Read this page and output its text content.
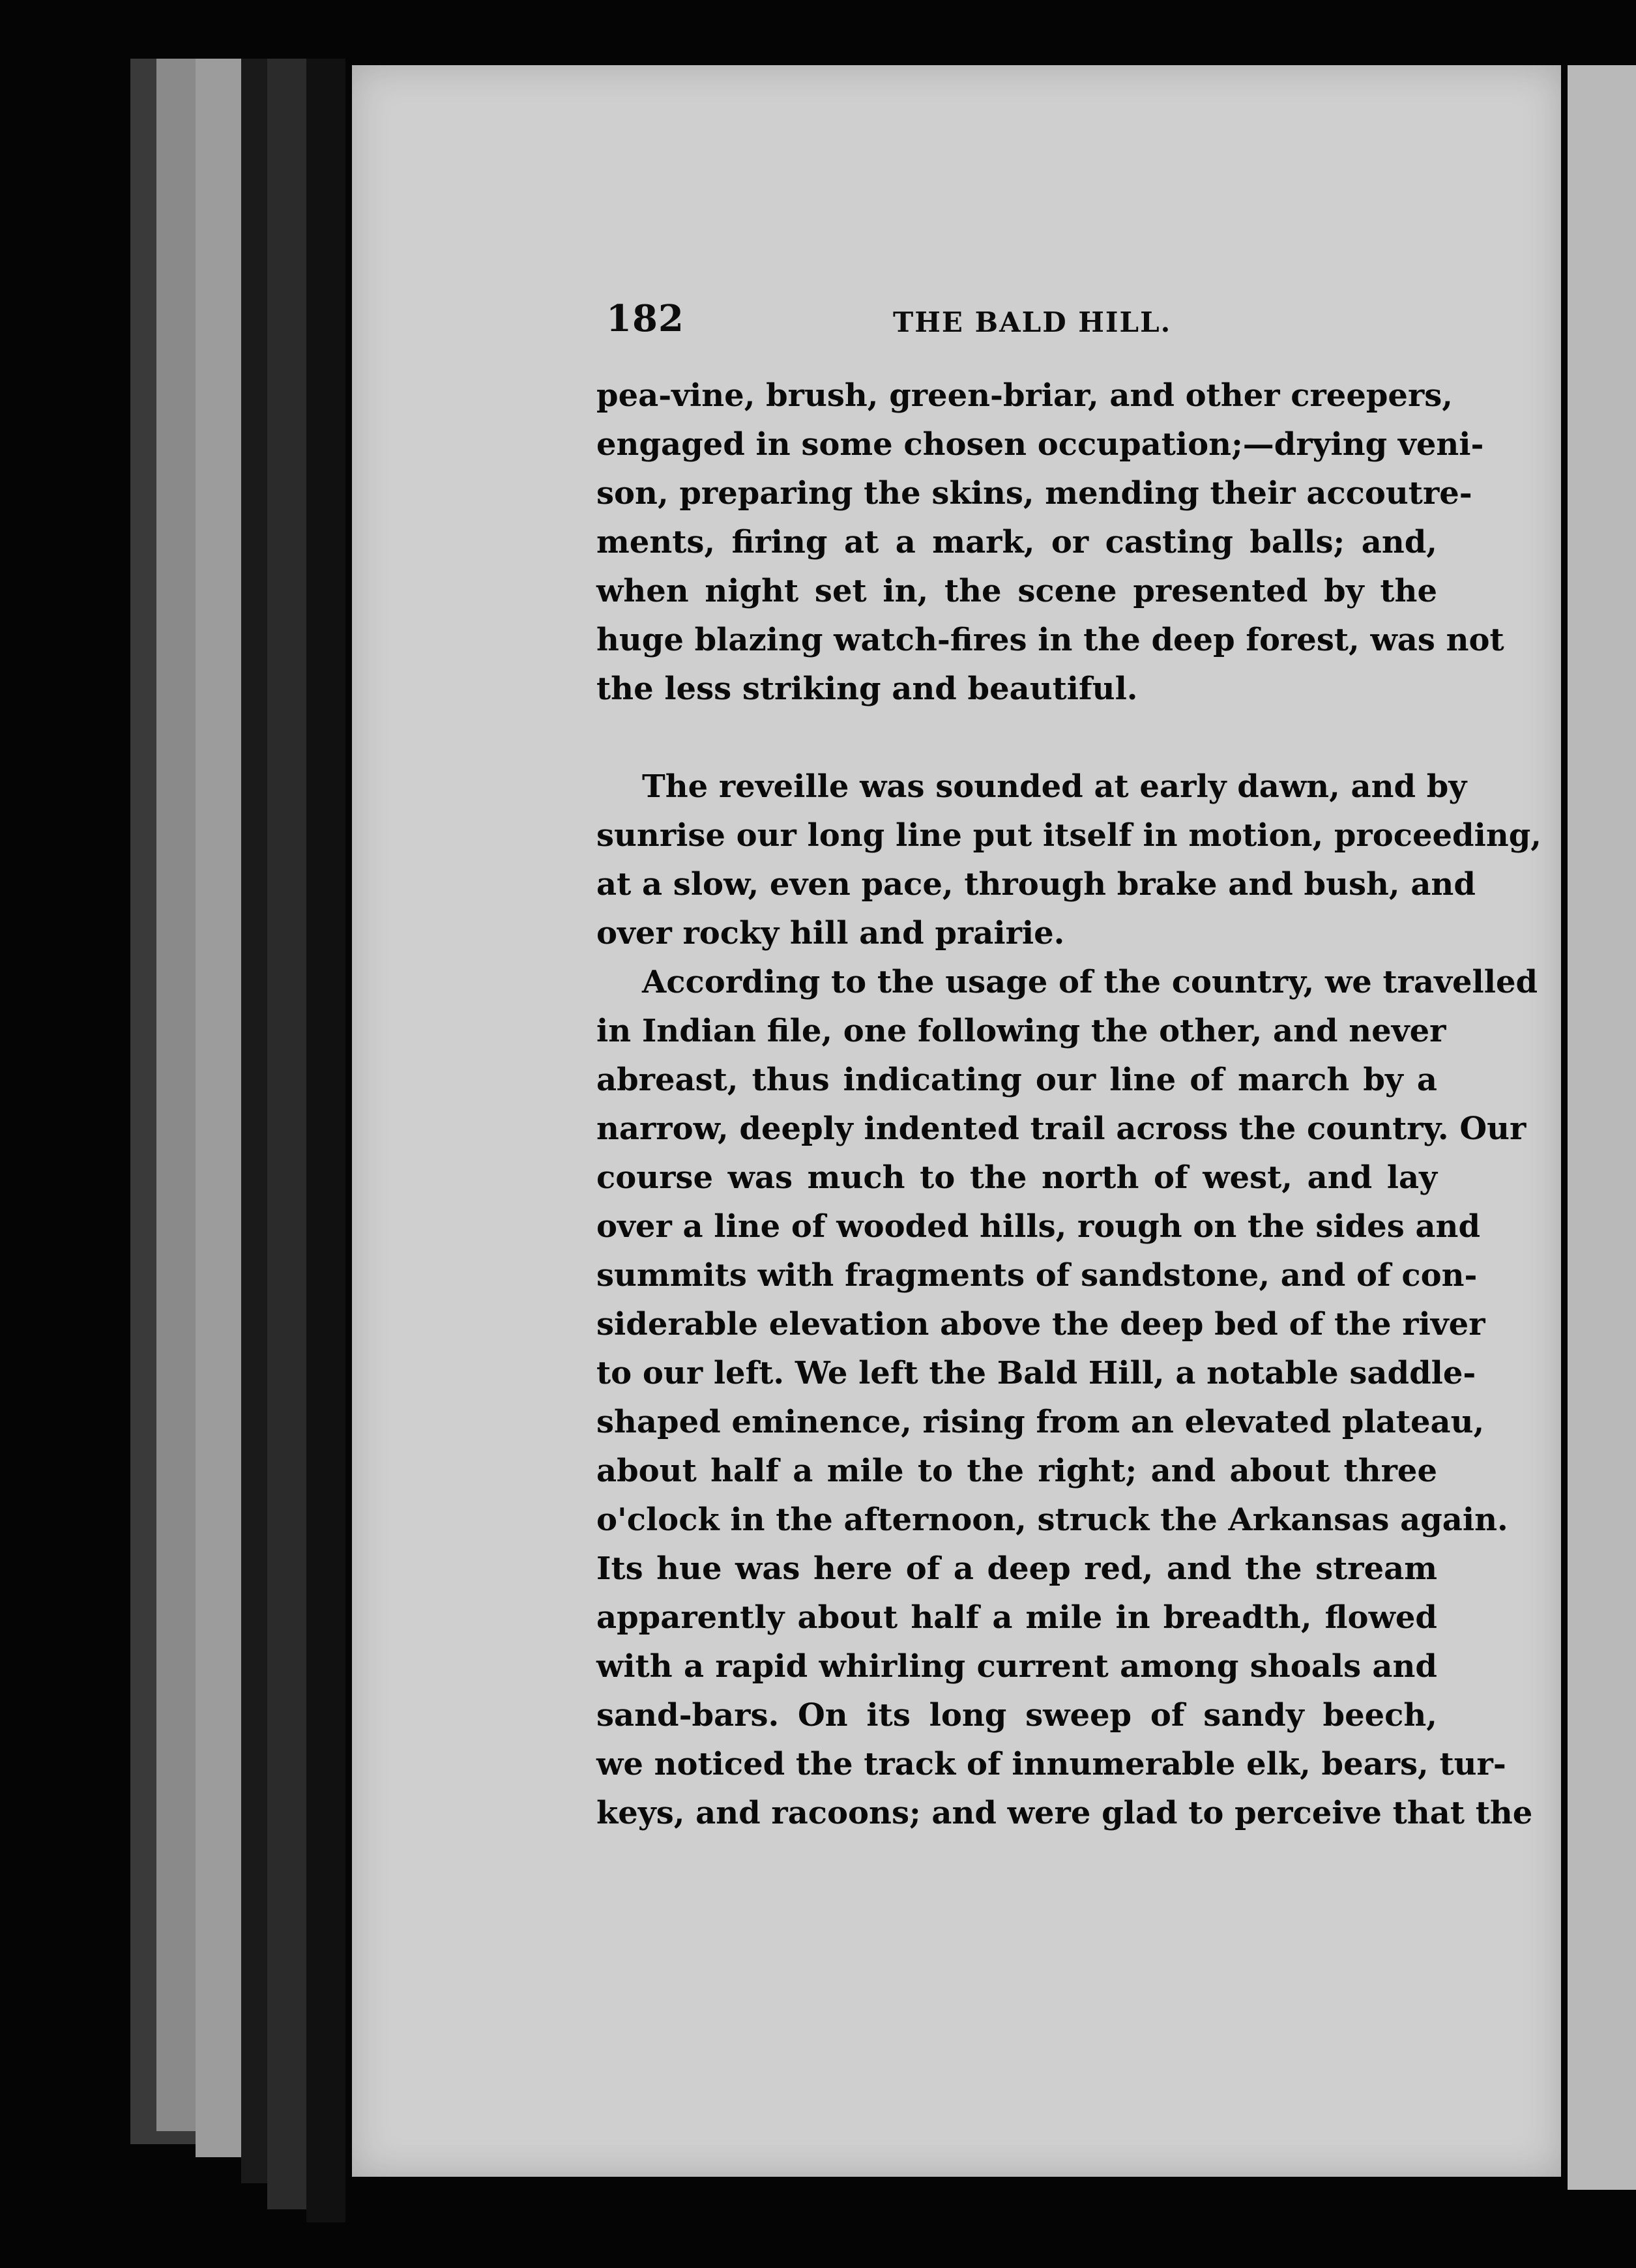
182	THE BALD HILL.
pea-vine, brush, green-briar, and other creepers,
engaged in some chosen occupation;—drying veni-
son, preparing the skins, mending their accoutre-
ments, firing at a mark, or casting balls; and,
when night set in, the scene presented by the
huge blazing watch-fires in the deep forest, was not
the less striking and beautiful.
The reveille was sounded at early dawn, and by
sunrise our long line put itself in motion, proceeding,
at a slow, even pace, through brake and bush, and
over rocky hill and prairie.
According to the usage of the country, we travelled
in Indian file, one following the other, and never
abreast, thus indicating our line of march by a
narrow, deeply indented trail across the country. Our
course was much to the north of west, and lay
over a line of wooded hills, rough on the sides and
summits with fragments of sandstone, and of con-
siderable elevation above the deep bed of the river
to our left. We left the Bald Hill, a notable saddle-
shaped eminence, rising from an elevated plateau,
about half a mile to the right; and about three
o'clock in the afternoon, struck the Arkansas again.
Its hue was here of a deep red, and the stream
apparently about half a mile in breadth, flowed
with a rapid whirling current among shoals and
sand-bars. On its long sweep of sandy beech,
we noticed the track of innumerable elk, bears, tur-
keys, and racoons; and were glad to perceive that the
